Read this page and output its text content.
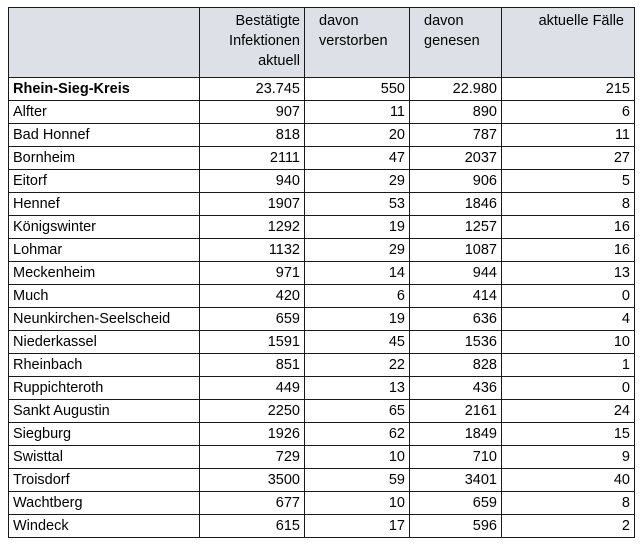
	Bestätigte Infektionen aktuell	davon verstorben	davon genesen	aktuelle Fälle
Rhein-Sieg-Kreis	23.745	550	22.980	215
Alfter	907	11	890	6
Bad Honnef	818	20	787	11
Bornheim	2111	47	2037	27
Eitorf	940	29	906	5
Hennef	1907	53	1846	8
Königswinter	1292	19	1257	16
Lohmar	1132	29	1087	16
Meckenheim	971	14	944	13
Much	420	6	414	0
Neunkirchen-Seelscheid	659	19	636	4
Niederkassel	1591	45	1536	10
Rheinbach	851	22	828	1
Ruppichteroth	449	13	436	0
Sankt Augustin	2250	65	2161	24
Siegburg	1926	62	1849	15
Swisttal	729	10	710	9
Troisdorf	3500	59	3401	40
Wachtberg	677	10	659	8
Windeck	615	17	596	2
